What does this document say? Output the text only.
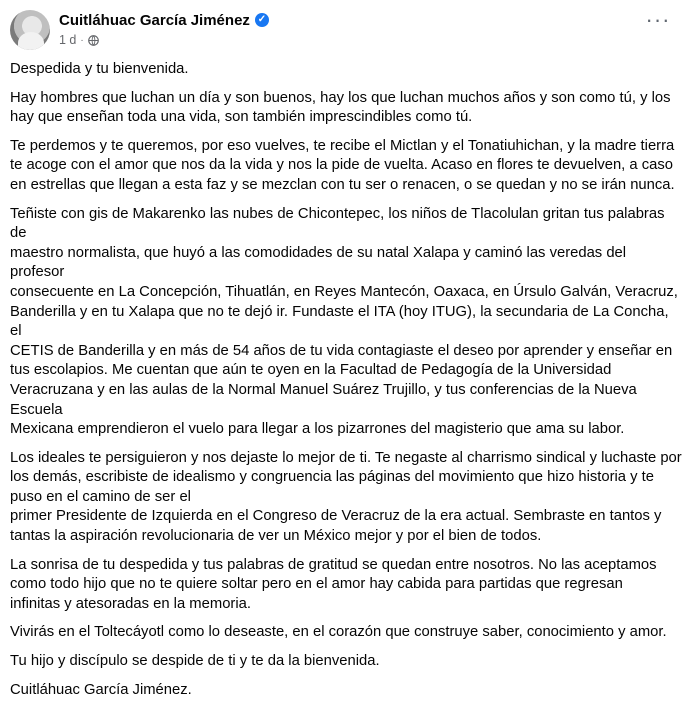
Cuitláhuac García Jiménez ✓
1 d ·
···

Despedida y tu bienvenida.

Hay hombres que luchan un día y son buenos, hay los que luchan muchos años y son como tú, y los
hay que enseñan toda una vida, son también imprescindibles como tú.

Te perdemos y te queremos, por eso vuelves, te recibe el Mictlan y el Tonatiuhichan, y la madre tierra
te acoge con el amor que nos da la vida y nos la pide de vuelta. Acaso en flores te devuelven, a caso
en estrellas que llegan a esta faz y se mezclan con tu ser o renacen, o se quedan y no se irán nunca.

Teñiste con gis de Makarenko las nubes de Chicontepec, los niños de Tlacolulan gritan tus palabras de
maestro normalista, que huyó a las comodidades de su natal Xalapa y caminó las veredas del profesor
consecuente en La Concepción, Tihuatlán, en Reyes Mantecón, Oaxaca, en Úrsulo Galván, Veracruz,
Banderilla y en tu Xalapa que no te dejó ir. Fundaste el ITA (hoy ITUG), la secundaria de La Concha, el
CETIS de Banderilla y en más de 54 años de tu vida contagiaste el deseo por aprender y enseñar en
tus escolapios. Me cuentan que aún te oyen en la Facultad de Pedagogía de la Universidad
Veracruzana y en las aulas de la Normal Manuel Suárez Trujillo, y tus conferencias de la Nueva Escuela
Mexicana emprendieron el vuelo para llegar a los pizarrones del magisterio que ama su labor.

Los ideales te persiguieron y nos dejaste lo mejor de ti. Te negaste al charrismo sindical y luchaste por
los demás, escribiste de idealismo y congruencia las páginas del movimiento que hizo historia y te
puso en el camino de ser el
primer Presidente de Izquierda en el Congreso de Veracruz de la era actual. Sembraste en tantos y
tantas la aspiración revolucionaria de ver un México mejor y por el bien de todos.

La sonrisa de tu despedida y tus palabras de gratitud se quedan entre nosotros. No las aceptamos
como todo hijo que no te quiere soltar pero en el amor hay cabida para partidas que regresan
infinitas y atesoradas en la memoria.

Vivirás en el Toltecáyotl como lo deseaste, en el corazón que construye saber, conocimiento y amor.

Tu hijo y discípulo se despide de ti y te da la bienvenida.

Cuitláhuac García Jiménez.
